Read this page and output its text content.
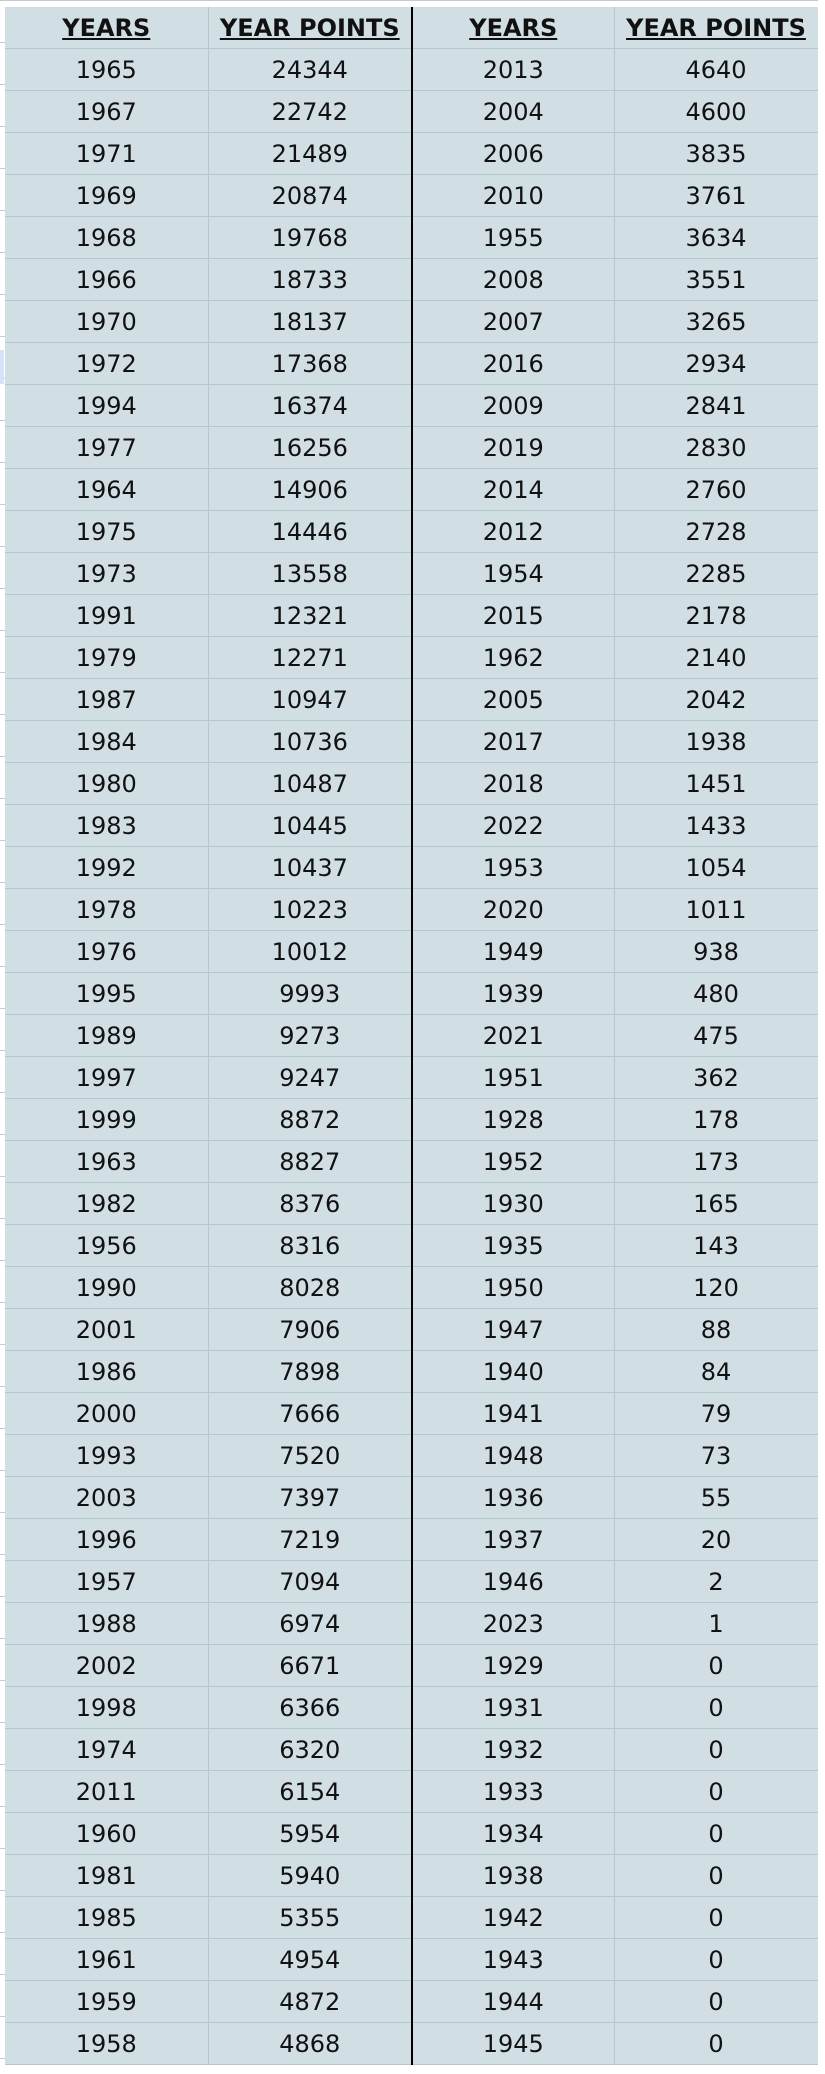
YEARS	YEAR POINTS	YEARS	YEAR POINTS
1965	24344	2013	4640
1967	22742	2004	4600
1971	21489	2006	3835
1969	20874	2010	3761
1968	19768	1955	3634
1966	18733	2008	3551
1970	18137	2007	3265
1972	17368	2016	2934
1994	16374	2009	2841
1977	16256	2019	2830
1964	14906	2014	2760
1975	14446	2012	2728
1973	13558	1954	2285
1991	12321	2015	2178
1979	12271	1962	2140
1987	10947	2005	2042
1984	10736	2017	1938
1980	10487	2018	1451
1983	10445	2022	1433
1992	10437	1953	1054
1978	10223	2020	1011
1976	10012	1949	938
1995	9993	1939	480
1989	9273	2021	475
1997	9247	1951	362
1999	8872	1928	178
1963	8827	1952	173
1982	8376	1930	165
1956	8316	1935	143
1990	8028	1950	120
2001	7906	1947	88
1986	7898	1940	84
2000	7666	1941	79
1993	7520	1948	73
2003	7397	1936	55
1996	7219	1937	20
1957	7094	1946	2
1988	6974	2023	1
2002	6671	1929	0
1998	6366	1931	0
1974	6320	1932	0
2011	6154	1933	0
1960	5954	1934	0
1981	5940	1938	0
1985	5355	1942	0
1961	4954	1943	0
1959	4872	1944	0
1958	4868	1945	0
